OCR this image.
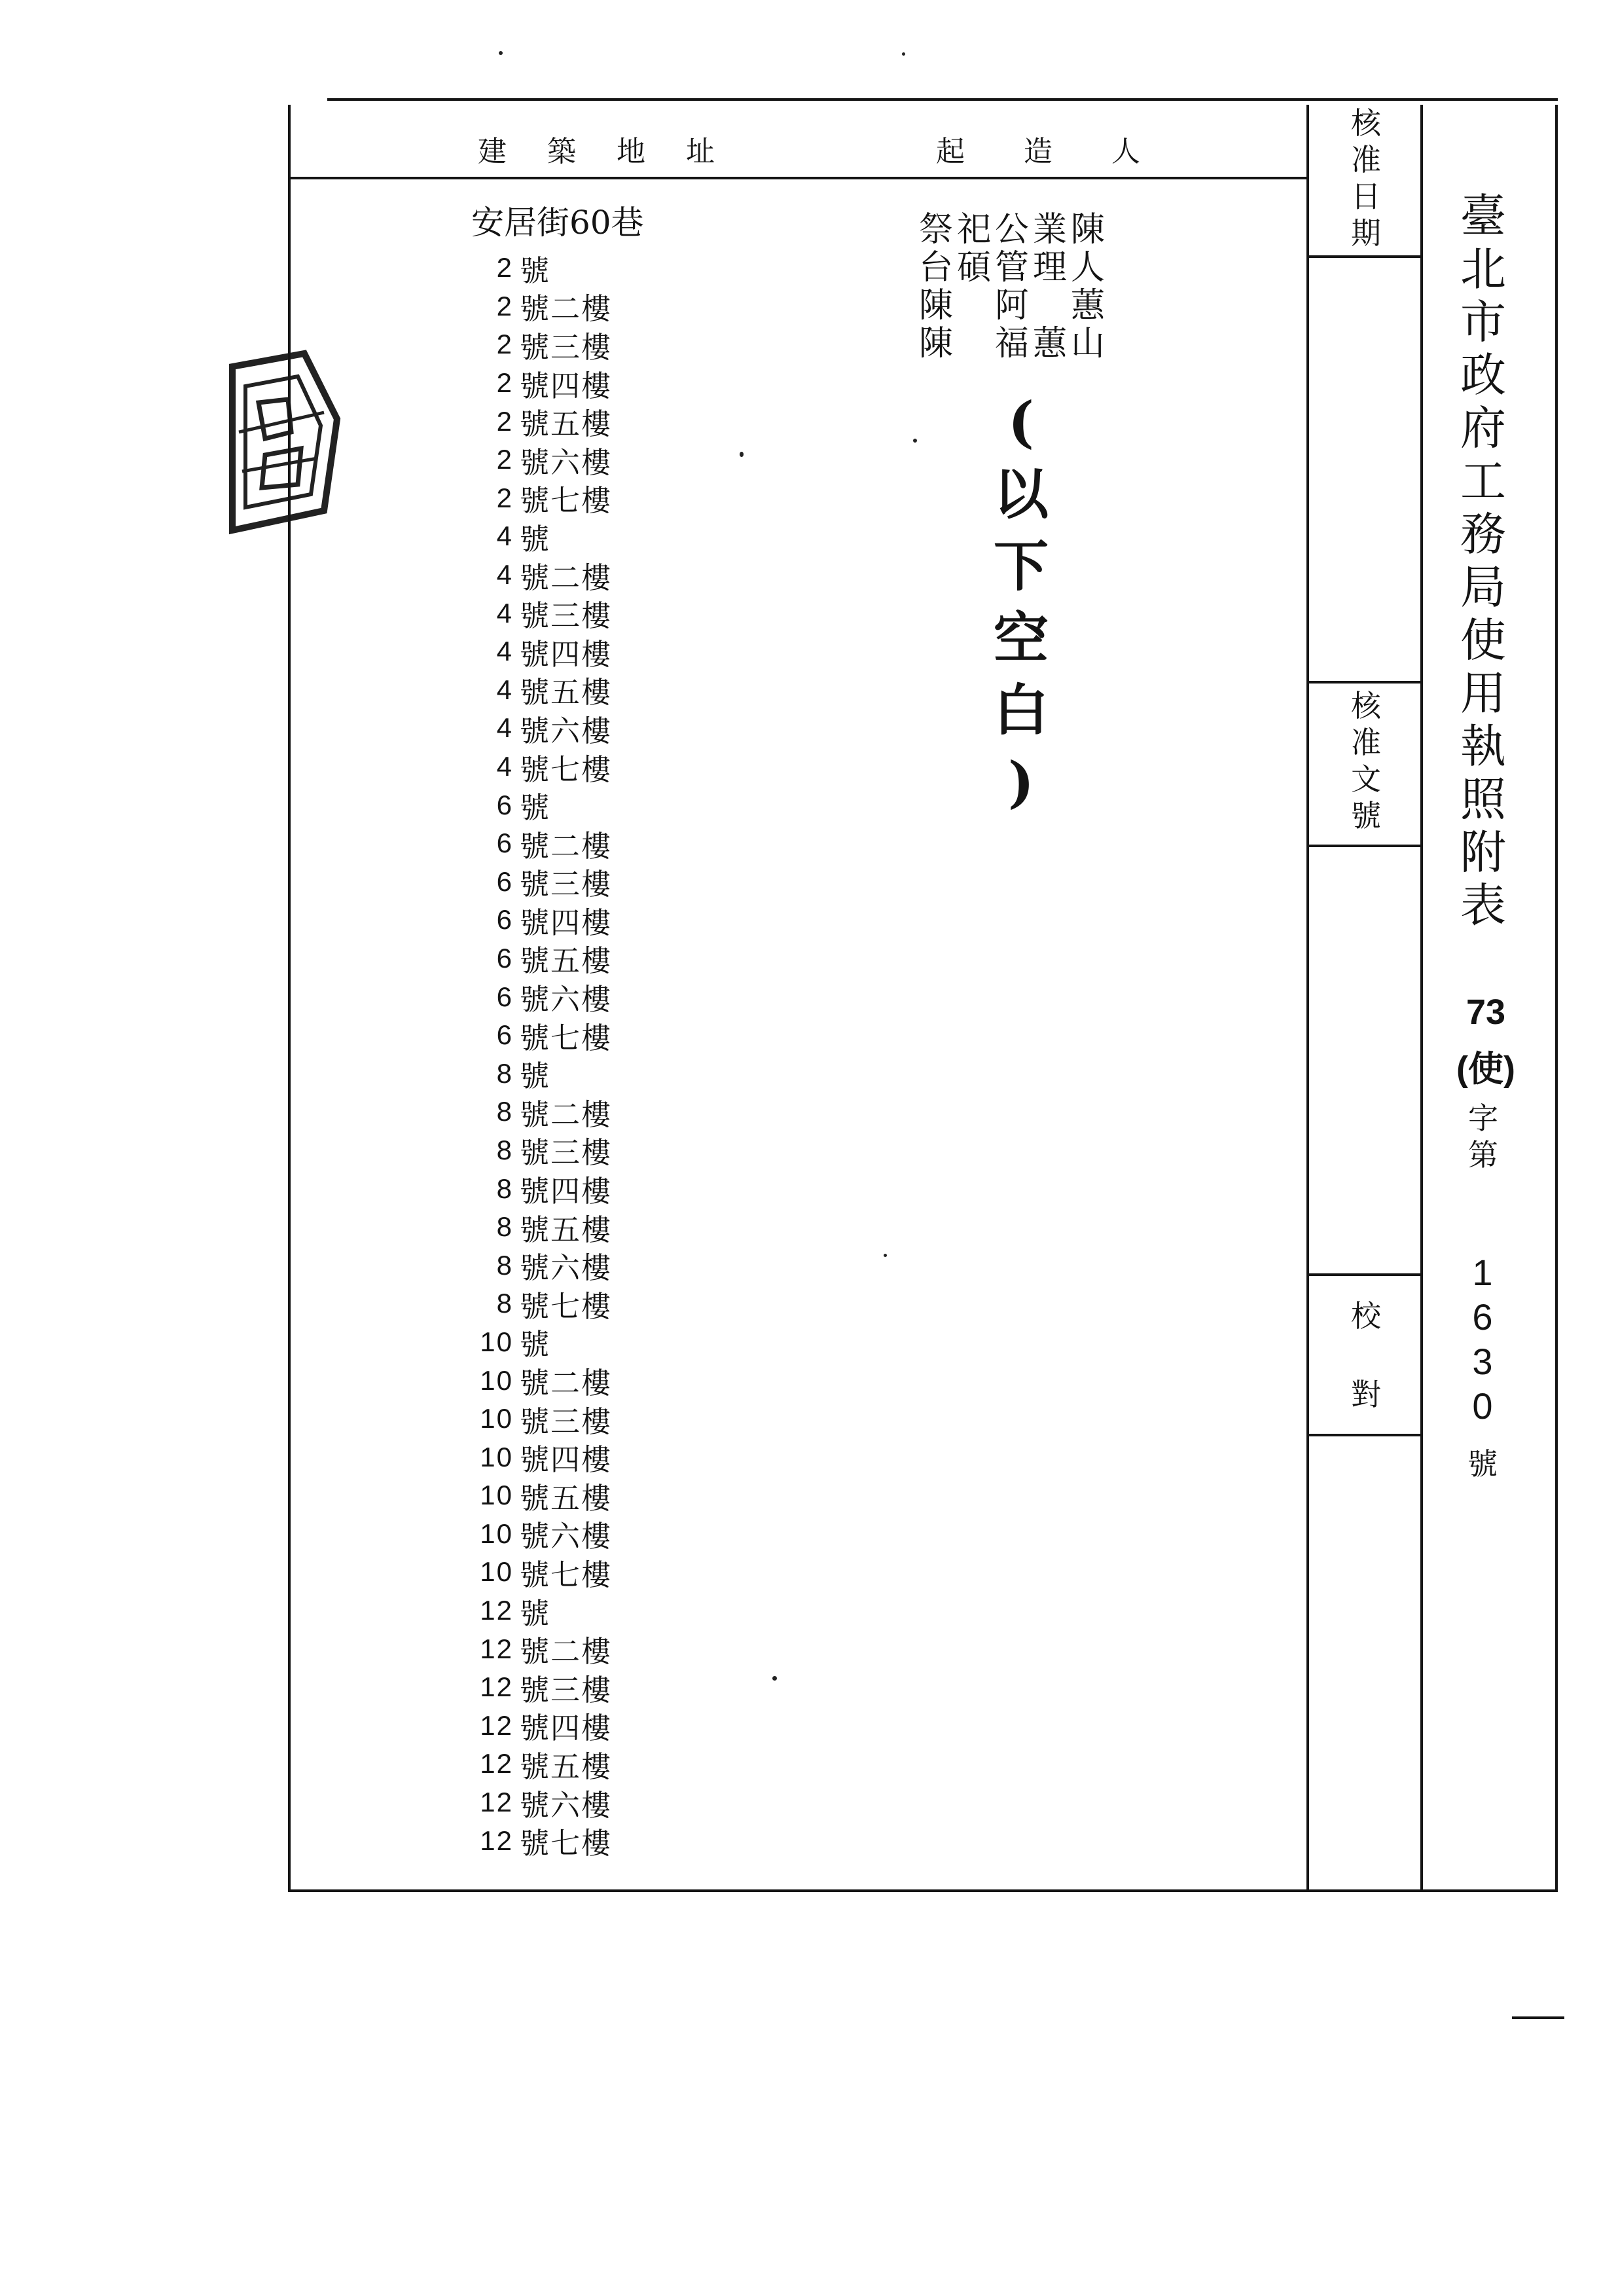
建築地址	起造人
核
准
日
期
核
准
文
號
校
對
安居街60巷
2 號
2 號二樓
2 號三樓
2 號四樓
2 號五樓
2 號六樓
2 號七樓
4 號
4 號二樓
4 號三樓
4 號四樓
4 號五樓
4 號六樓
4 號七樓
6 號
6 號二樓
6 號三樓
6 號四樓
6 號五樓
6 號六樓
6 號七樓
8 號
8 號二樓
8 號三樓
8 號四樓
8 號五樓
8 號六樓
8 號七樓
10 號
10 號二樓
10 號三樓
10 號四樓
10 號五樓
10 號六樓
10 號七樓
12 號
12 號二樓
12 號三樓
12 號四樓
12 號五樓
12 號六樓
12 號七樓
陳
人
蕙
山
業
理

蕙
公
管
阿
福
祀
碩

祭
台
陳
陳
(
以
下
空
白
)
臺
北
市
政
府
工
務
局
使
用
執
照
附
表
73
(使)
字
第
1
6
3
0
號
